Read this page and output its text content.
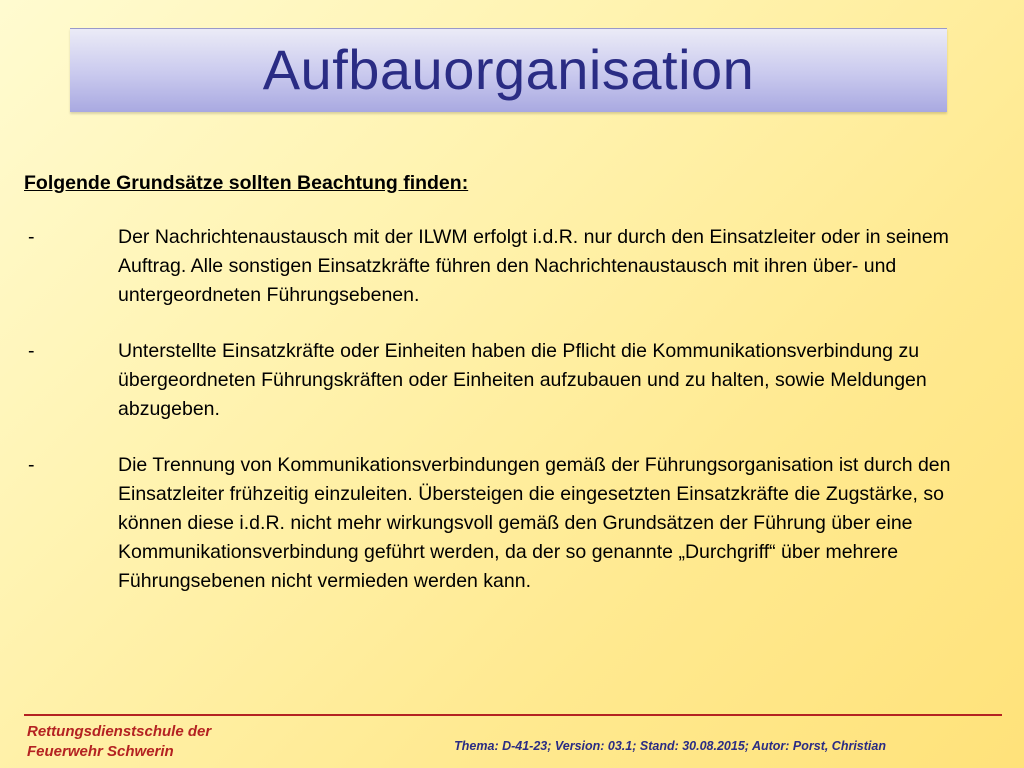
Aufbauorganisation
Folgende Grundsätze sollten Beachtung finden:
-	Der Nachrichtenaustausch mit der ILWM erfolgt i.d.R. nur durch den Einsatzleiter oder in seinem Auftrag. Alle sonstigen Einsatzkräfte führen den Nachrichtenaustausch mit ihren über- und untergeordneten Führungsebenen.
-	Unterstellte Einsatzkräfte oder Einheiten haben die Pflicht die Kommunikationsverbindung zu übergeordneten Führungskräften oder Einheiten aufzubauen und zu halten, sowie Meldungen abzugeben.
-	Die Trennung von Kommunikationsverbindungen gemäß der Führungsorganisation ist durch den Einsatzleiter frühzeitig einzuleiten. Übersteigen die eingesetzten Einsatzkräfte die Zugstärke, so können diese i.d.R. nicht mehr wirkungsvoll gemäß den Grundsätzen der Führung über eine Kommunikationsverbindung geführt werden, da der so genannte „Durchgriff“ über mehrere Führungsebenen nicht vermieden werden kann.
Rettungsdienstschule der
Feuerwehr Schwerin	Thema: D-41-23; Version: 03.1; Stand: 30.08.2015; Autor: Porst, Christian
